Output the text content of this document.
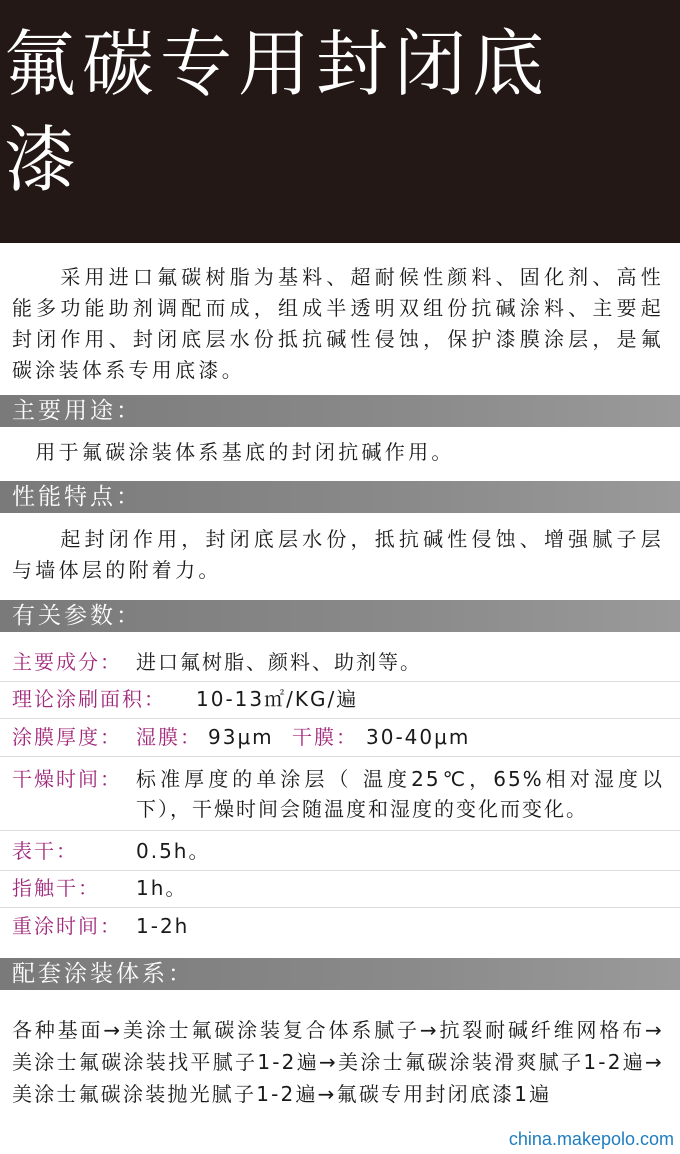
氟碳专用封闭底
漆
　　采用进口氟碳树脂为基料、超耐候性颜料、固化剂、高性能多功能助剂调配而成，组成半透明双组份抗碱涂料、主要起封闭作用、封闭底层水份抵抗碱性侵蚀，保护漆膜涂层，是氟碳涂装体系专用底漆。
主要用途：
　用于氟碳涂装体系基底的封闭抗碱作用。
性能特点：
　　起封闭作用，封闭底层水份，抵抗碱性侵蚀、增强腻子层与墙体层的附着力。
有关参数：
主要成分： 进口氟树脂、颜料、助剂等。
理论涂刷面积： 10-13㎡/KG/遍
涂膜厚度： 湿膜： 93μm 干膜： 30-40μm
干燥时间： 标准厚度的单涂层（ 温度25℃，65%相对湿度以下），干燥时间会随温度和湿度的变化而变化。
表干：	0.5h。
指触干： 1h。
重涂时间： 1-2h
配套涂装体系：
各种基面→美涂士氟碳涂装复合体系腻子→抗裂耐碱纤维网格布→美涂士氟碳涂装找平腻子1-2遍→美涂士氟碳涂装滑爽腻子1-2遍→美涂士氟碳涂装抛光腻子1-2遍→氟碳专用封闭底漆1遍
china.makepolo.com
